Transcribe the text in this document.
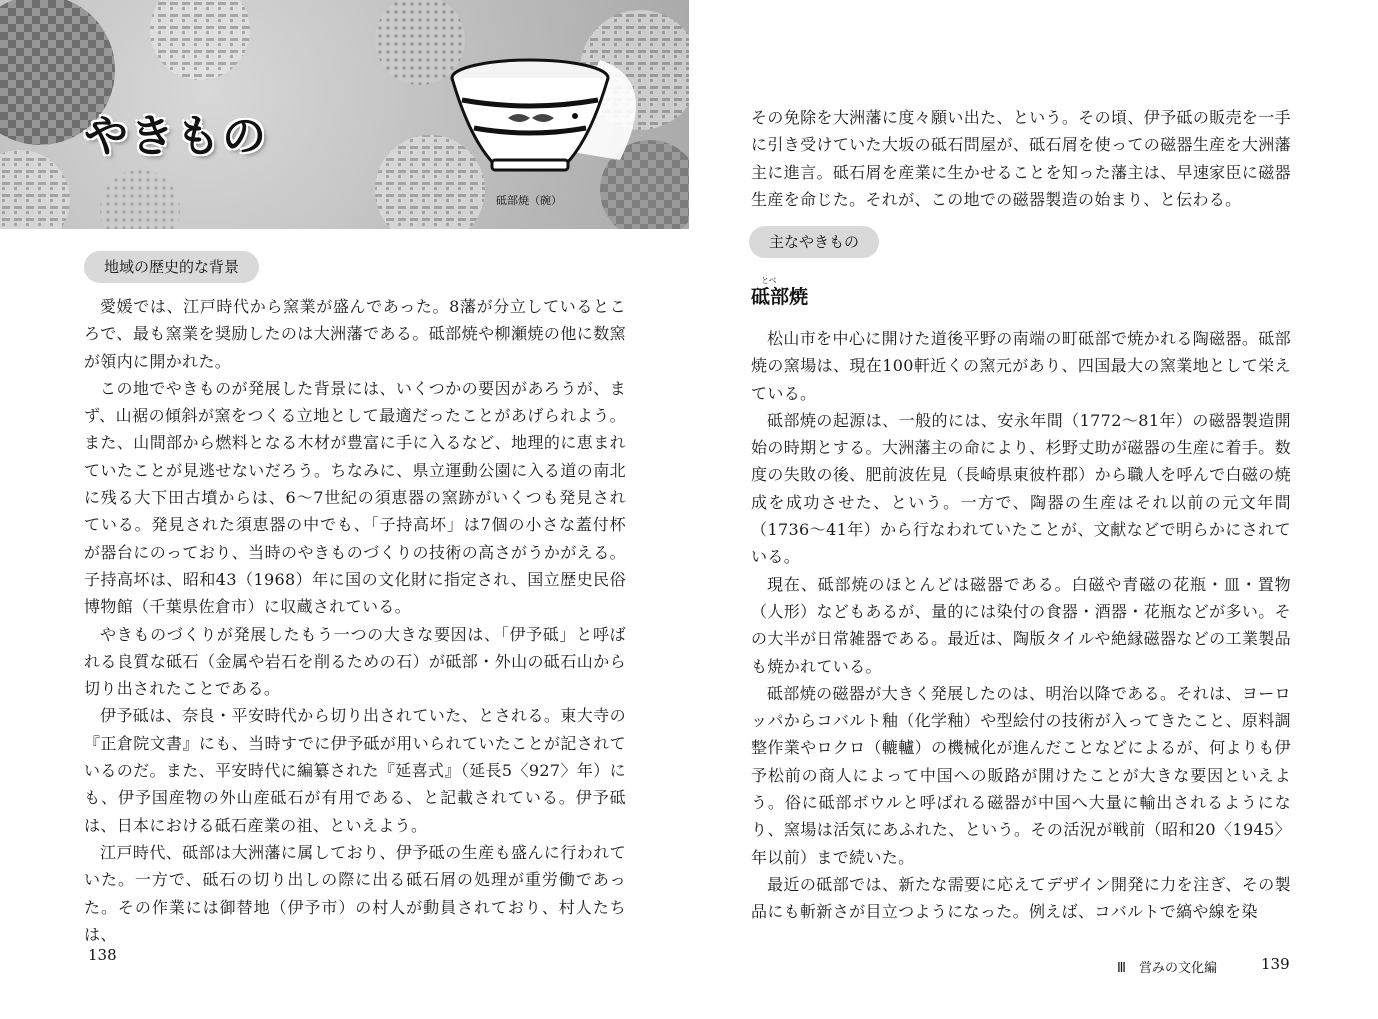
やきもの
砥部焼（碗）
地域の歴史的な背景

愛媛では、江戸時代から窯業が盛んであった。8藩が分立しているところで、最も窯業を奨励したのは大洲藩である。砥部焼や柳瀬焼の他に数窯が領内に開かれた。

この地でやきものが発展した背景には、いくつかの要因があろうが、まず、山裾の傾斜が窯をつくる立地として最適だったことがあげられよう。また、山間部から燃料となる木材が豊富に手に入るなど、地理的に恵まれていたことが見逃せないだろう。ちなみに、県立運動公園に入る道の南北に残る大下田古墳からは、6～7世紀の須恵器の窯跡がいくつも発見されている。発見された須恵器の中でも、「子持高坏」は7個の小さな蓋付杯が器台にのっており、当時のやきものづくりの技術の高さがうかがえる。子持高坏は、昭和43（1968）年に国の文化財に指定され、国立歴史民俗博物館（千葉県佐倉市）に収蔵されている。

やきものづくりが発展したもう一つの大きな要因は、「伊予砥」と呼ばれる良質な砥石（金属や岩石を削るための石）が砥部・外山の砥石山から切り出されたことである。

伊予砥は、奈良・平安時代から切り出されていた、とされる。東大寺の『正倉院文書』にも、当時すでに伊予砥が用いられていたことが記されているのだ。また、平安時代に編纂された『延喜式』（延長5〈927〉年）にも、伊予国産物の外山産砥石が有用である、と記載されている。伊予砥は、日本における砥石産業の祖、といえよう。

江戸時代、砥部は大洲藩に属しており、伊予砥の生産も盛んに行われていた。一方で、砥石の切り出しの際に出る砥石屑の処理が重労働であった。その作業には御替地（伊予市）の村人が動員されており、村人たちは、

138

その免除を大洲藩に度々願い出た、という。その頃、伊予砥の販売を一手に引き受けていた大坂の砥石問屋が、砥石屑を使っての磁器生産を大洲藩主に進言。砥石屑を産業に生かせることを知った藩主は、早速家臣に磁器生産を命じた。それが、この地での磁器製造の始まり、と伝わる。

主なやきもの
とべ
砥部焼

松山市を中心に開けた道後平野の南端の町砥部で焼かれる陶磁器。砥部焼の窯場は、現在100軒近くの窯元があり、四国最大の窯業地として栄えている。

砥部焼の起源は、一般的には、安永年間（1772～81年）の磁器製造開始の時期とする。大洲藩主の命により、杉野丈助が磁器の生産に着手。数度の失敗の後、肥前波佐見（長崎県東彼杵郡）から職人を呼んで白磁の焼成を成功させた、という。一方で、陶器の生産はそれ以前の元文年間（1736～41年）から行なわれていたことが、文献などで明らかにされている。

現在、砥部焼のほとんどは磁器である。白磁や青磁の花瓶・皿・置物（人形）などもあるが、量的には染付の食器・酒器・花瓶などが多い。その大半が日常雑器である。最近は、陶版タイルや絶縁磁器などの工業製品も焼かれている。

砥部焼の磁器が大きく発展したのは、明治以降である。それは、ヨーロッパからコバルト釉（化学釉）や型絵付の技術が入ってきたこと、原料調整作業やロクロ（轆轤）の機械化が進んだことなどによるが、何よりも伊予松前の商人によって中国への販路が開けたことが大きな要因といえよう。俗に砥部ボウルと呼ばれる磁器が中国へ大量に輸出されるようになり、窯場は活気にあふれた、という。その活況が戦前（昭和20〈1945〉年以前）まで続いた。

最近の砥部では、新たな需要に応えてデザイン開発に力を注ぎ、その製品にも斬新さが目立つようになった。例えば、コバルトで縞や線を染

Ⅲ　営みの文化編	139
